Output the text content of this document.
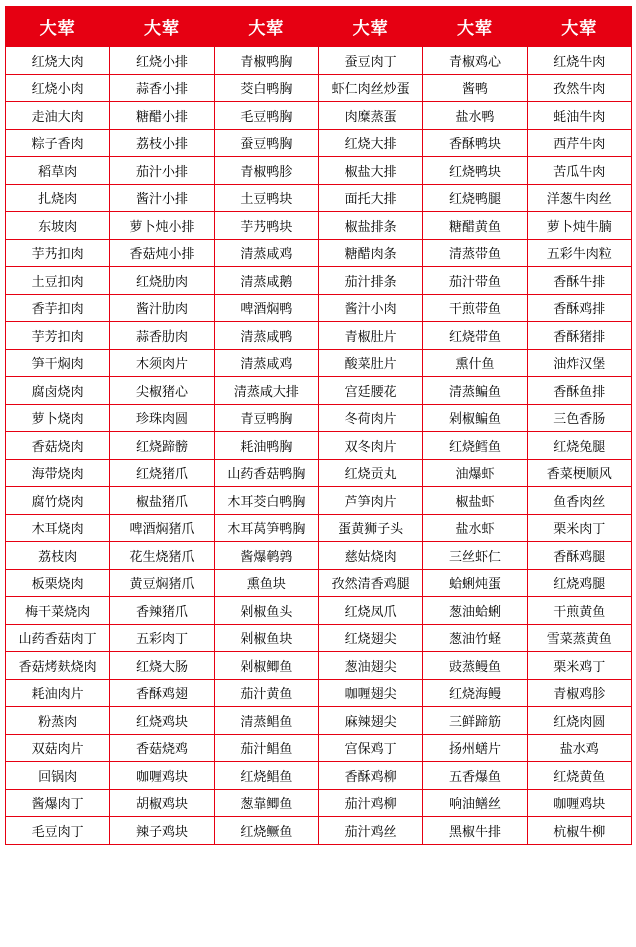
大荤	大荤	大荤	大荤	大荤	大荤
红烧大肉	红烧小排	青椒鸭胸	蚕豆肉丁	青椒鸡心	红烧牛肉
红烧小肉	蒜香小排	茭白鸭胸	虾仁肉丝炒蛋	酱鸭	孜然牛肉
走油大肉	糖醋小排	毛豆鸭胸	肉糜蒸蛋	盐水鸭	蚝油牛肉
粽子香肉	荔枝小排	蚕豆鸭胸	红烧大排	香酥鸭块	西芹牛肉
稻草肉	茄汁小排	青椒鸭胗	椒盐大排	红烧鸭块	苦瓜牛肉
扎烧肉	酱汁小排	土豆鸭块	面托大排	红烧鸭腿	洋葱牛肉丝
东坡肉	萝卜炖小排	芋艿鸭块	椒盐排条	糖醋黄鱼	萝卜炖牛腩
芋艿扣肉	香菇炖小排	清蒸咸鸡	糖醋肉条	清蒸带鱼	五彩牛肉粒
土豆扣肉	红烧肋肉	清蒸咸鹅	茄汁排条	茄汁带鱼	香酥牛排
香芋扣肉	酱汁肋肉	啤酒焖鸭	酱汁小肉	干煎带鱼	香酥鸡排
芋芳扣肉	蒜香肋肉	清蒸咸鸭	青椒肚片	红烧带鱼	香酥猪排
笋干焖肉	木须肉片	清蒸咸鸡	酸菜肚片	熏什鱼	油炸汉堡
腐卤烧肉	尖椒猪心	清蒸咸大排	宫廷腰花	清蒸鳊鱼	香酥鱼排
萝卜烧肉	珍珠肉圆	青豆鸭胸	冬荷肉片	剁椒鳊鱼	三色香肠
香菇烧肉	红烧蹄髈	耗油鸭胸	双冬肉片	红烧鳕鱼	红烧兔腿
海带烧肉	红烧猪爪	山药香菇鸭胸	红烧贡丸	油爆虾	香菜梗顺风
腐竹烧肉	椒盐猪爪	木耳茭白鸭胸	芦笋肉片	椒盐虾	鱼香肉丝
木耳烧肉	啤酒焖猪爪	木耳莴笋鸭胸	蛋黄狮子头	盐水虾	栗米肉丁
荔枝肉	花生烧猪爪	酱爆鹌鹑	慈姑烧肉	三丝虾仁	香酥鸡腿
板栗烧肉	黄豆焖猪爪	熏鱼块	孜然清香鸡腿	蛤蜊炖蛋	红烧鸡腿
梅干菜烧肉	香辣猪爪	剁椒鱼头	红烧凤爪	葱油蛤蜊	干煎黄鱼
山药香菇肉丁	五彩肉丁	剁椒鱼块	红烧翅尖	葱油竹蛏	雪菜蒸黄鱼
香菇烤麸烧肉	红烧大肠	剁椒鲫鱼	葱油翅尖	豉蒸鳗鱼	栗米鸡丁
耗油肉片	香酥鸡翅	茄汁黄鱼	咖喱翅尖	红烧海鳗	青椒鸡胗
粉蒸肉	红烧鸡块	清蒸鲳鱼	麻辣翅尖	三鲜蹄筋	红烧肉圆
双菇肉片	香菇烧鸡	茄汁鲳鱼	宫保鸡丁	扬州蟮片	盐水鸡
回锅肉	咖喱鸡块	红烧鲳鱼	香酥鸡柳	五香爆鱼	红烧黄鱼
酱爆肉丁	胡椒鸡块	葱靠鲫鱼	茄汁鸡柳	响油鳝丝	咖喱鸡块
毛豆肉丁	辣子鸡块	红烧鳜鱼	茄汁鸡丝	黑椒牛排	杭椒牛柳
